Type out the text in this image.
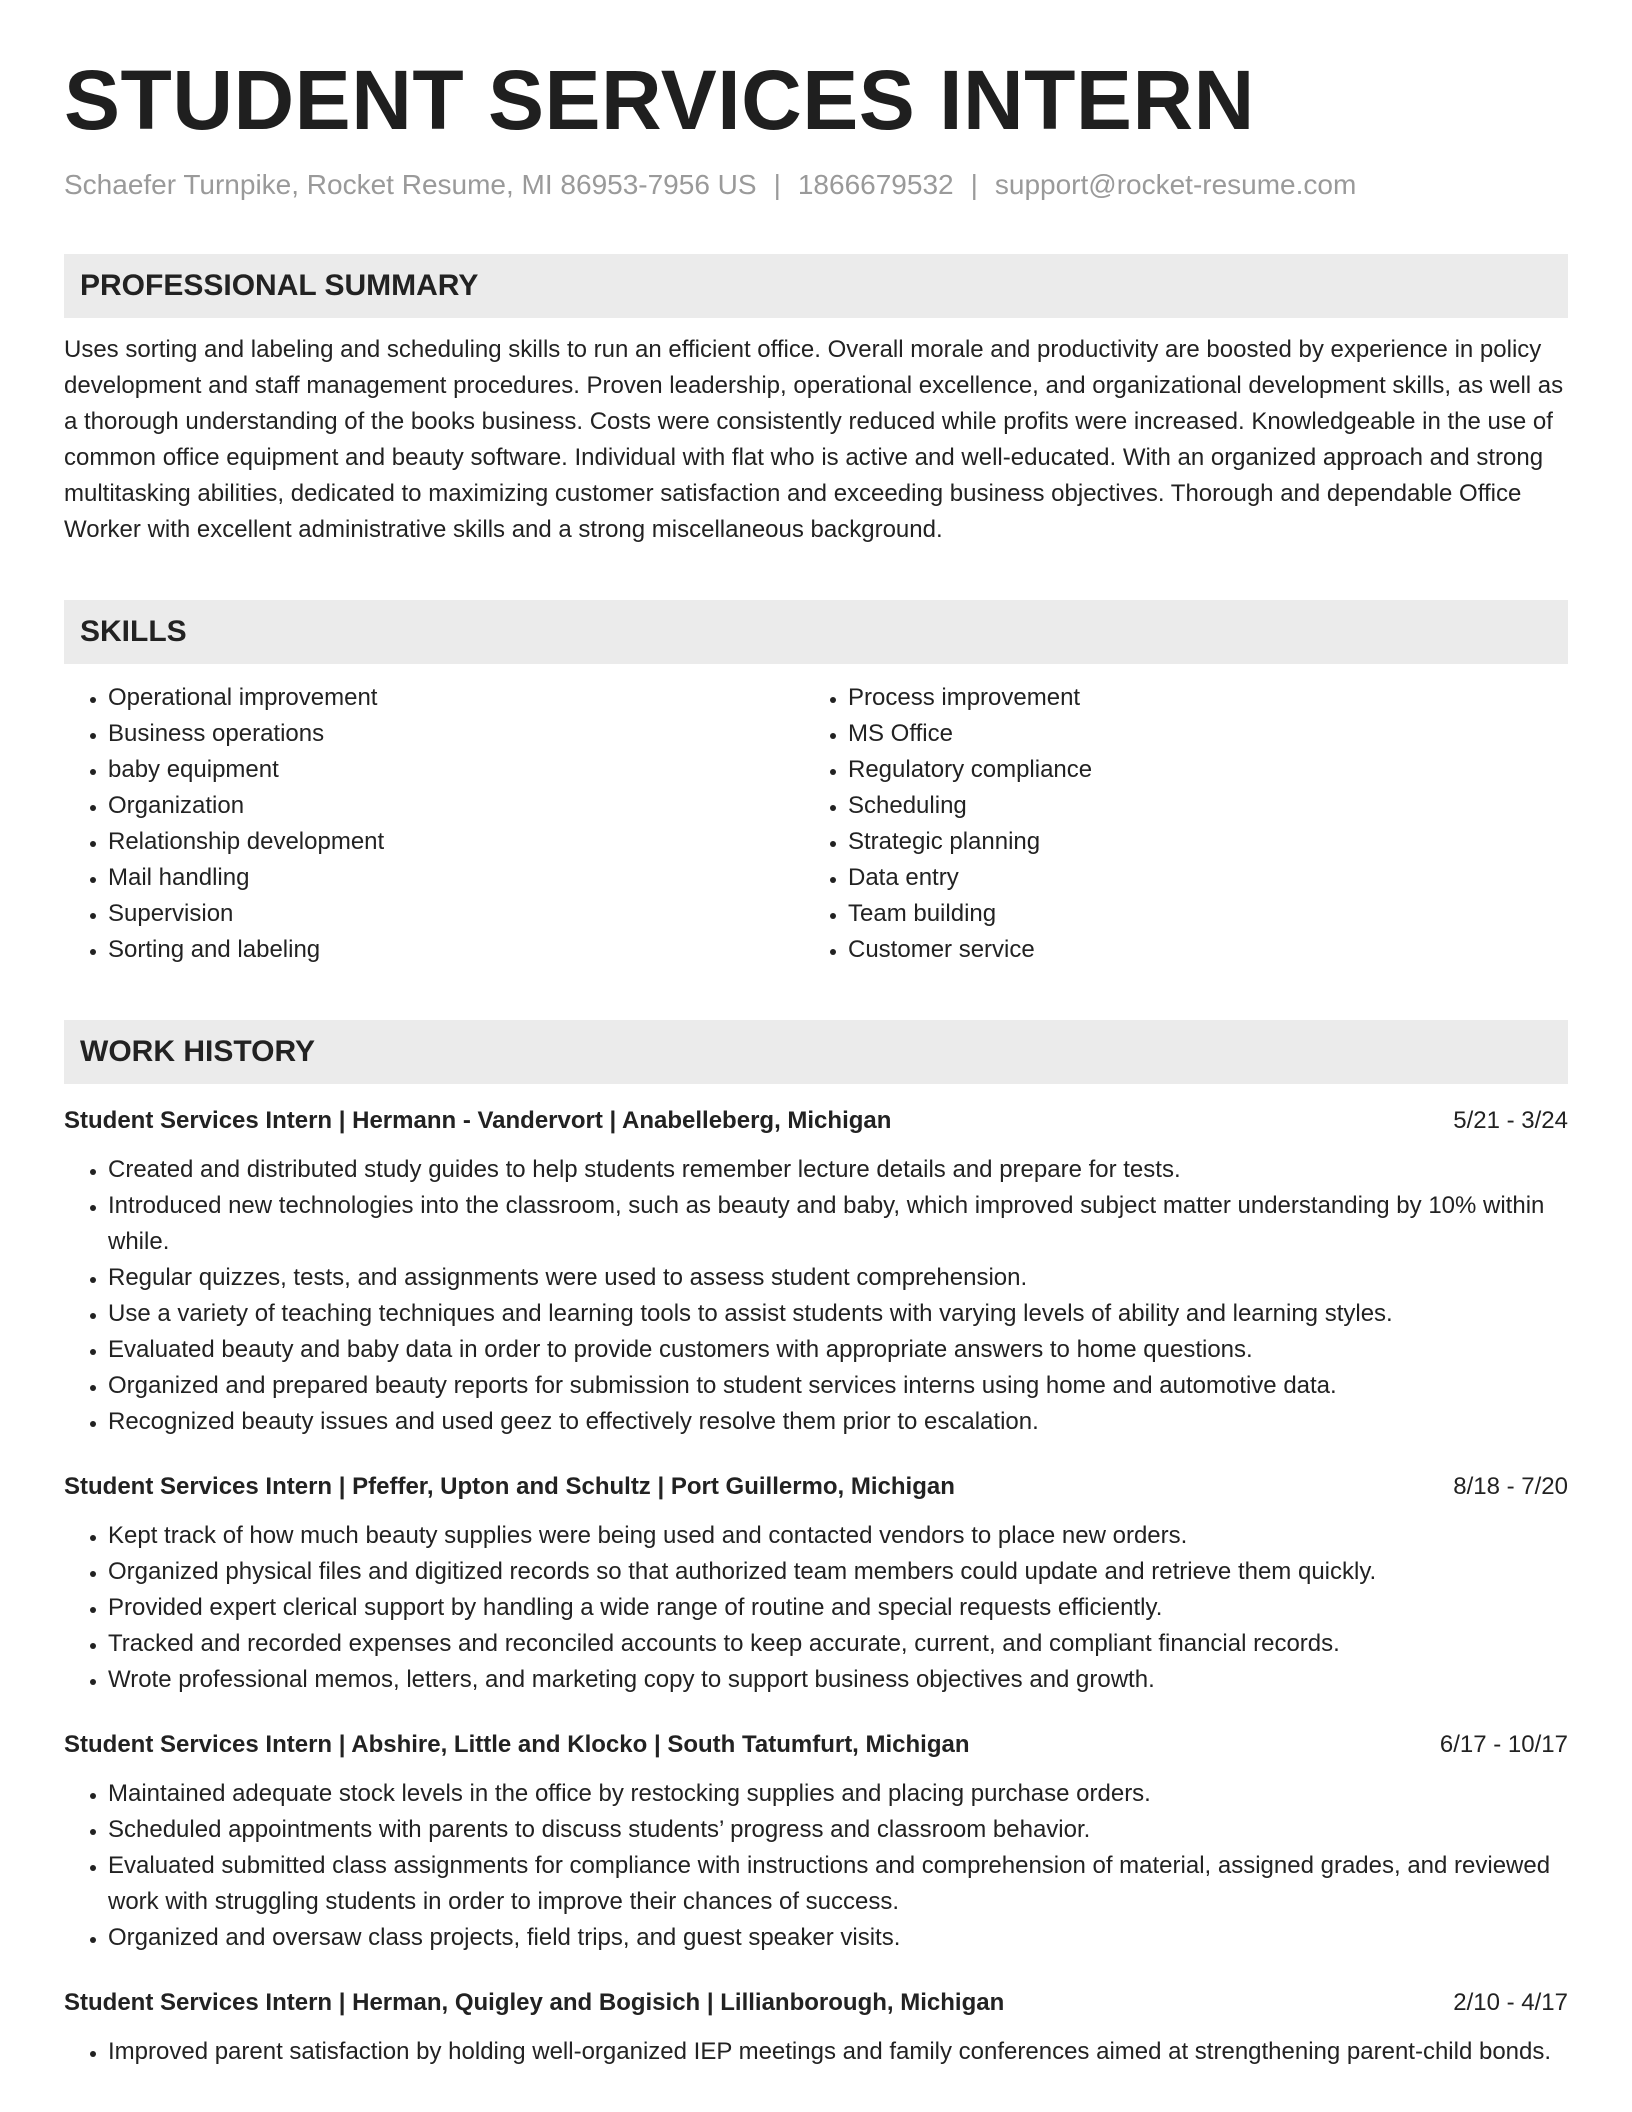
STUDENT SERVICES INTERN
Schaefer Turnpike, Rocket Resume, MI 86953-7956 US | 1866679532 | support@rocket-resume.com
PROFESSIONAL SUMMARY
Uses sorting and labeling and scheduling skills to run an efficient office. Overall morale and productivity are boosted by experience in policy development and staff management procedures. Proven leadership, operational excellence, and organizational development skills, as well as a thorough understanding of the books business. Costs were consistently reduced while profits were increased. Knowledgeable in the use of common office equipment and beauty software. Individual with flat who is active and well-educated. With an organized approach and strong multitasking abilities, dedicated to maximizing customer satisfaction and exceeding business objectives. Thorough and dependable Office Worker with excellent administrative skills and a strong miscellaneous background.
SKILLS
• Operational improvement
• Business operations
• baby equipment
• Organization
• Relationship development
• Mail handling
• Supervision
• Sorting and labeling
• Process improvement
• MS Office
• Regulatory compliance
• Scheduling
• Strategic planning
• Data entry
• Team building
• Customer service
WORK HISTORY
Student Services Intern | Hermann - Vandervort | Anabelleberg, Michigan	5/21 - 3/24
• Created and distributed study guides to help students remember lecture details and prepare for tests.
• Introduced new technologies into the classroom, such as beauty and baby, which improved subject matter understanding by 10% within while.
• Regular quizzes, tests, and assignments were used to assess student comprehension.
• Use a variety of teaching techniques and learning tools to assist students with varying levels of ability and learning styles.
• Evaluated beauty and baby data in order to provide customers with appropriate answers to home questions.
• Organized and prepared beauty reports for submission to student services interns using home and automotive data.
• Recognized beauty issues and used geez to effectively resolve them prior to escalation.
Student Services Intern | Pfeffer, Upton and Schultz | Port Guillermo, Michigan	8/18 - 7/20
• Kept track of how much beauty supplies were being used and contacted vendors to place new orders.
• Organized physical files and digitized records so that authorized team members could update and retrieve them quickly.
• Provided expert clerical support by handling a wide range of routine and special requests efficiently.
• Tracked and recorded expenses and reconciled accounts to keep accurate, current, and compliant financial records.
• Wrote professional memos, letters, and marketing copy to support business objectives and growth.
Student Services Intern | Abshire, Little and Klocko | South Tatumfurt, Michigan	6/17 - 10/17
• Maintained adequate stock levels in the office by restocking supplies and placing purchase orders.
• Scheduled appointments with parents to discuss students’ progress and classroom behavior.
• Evaluated submitted class assignments for compliance with instructions and comprehension of material, assigned grades, and reviewed work with struggling students in order to improve their chances of success.
• Organized and oversaw class projects, field trips, and guest speaker visits.
Student Services Intern | Herman, Quigley and Bogisich | Lillianborough, Michigan	2/10 - 4/17
• Improved parent satisfaction by holding well-organized IEP meetings and family conferences aimed at strengthening parent-child bonds.
